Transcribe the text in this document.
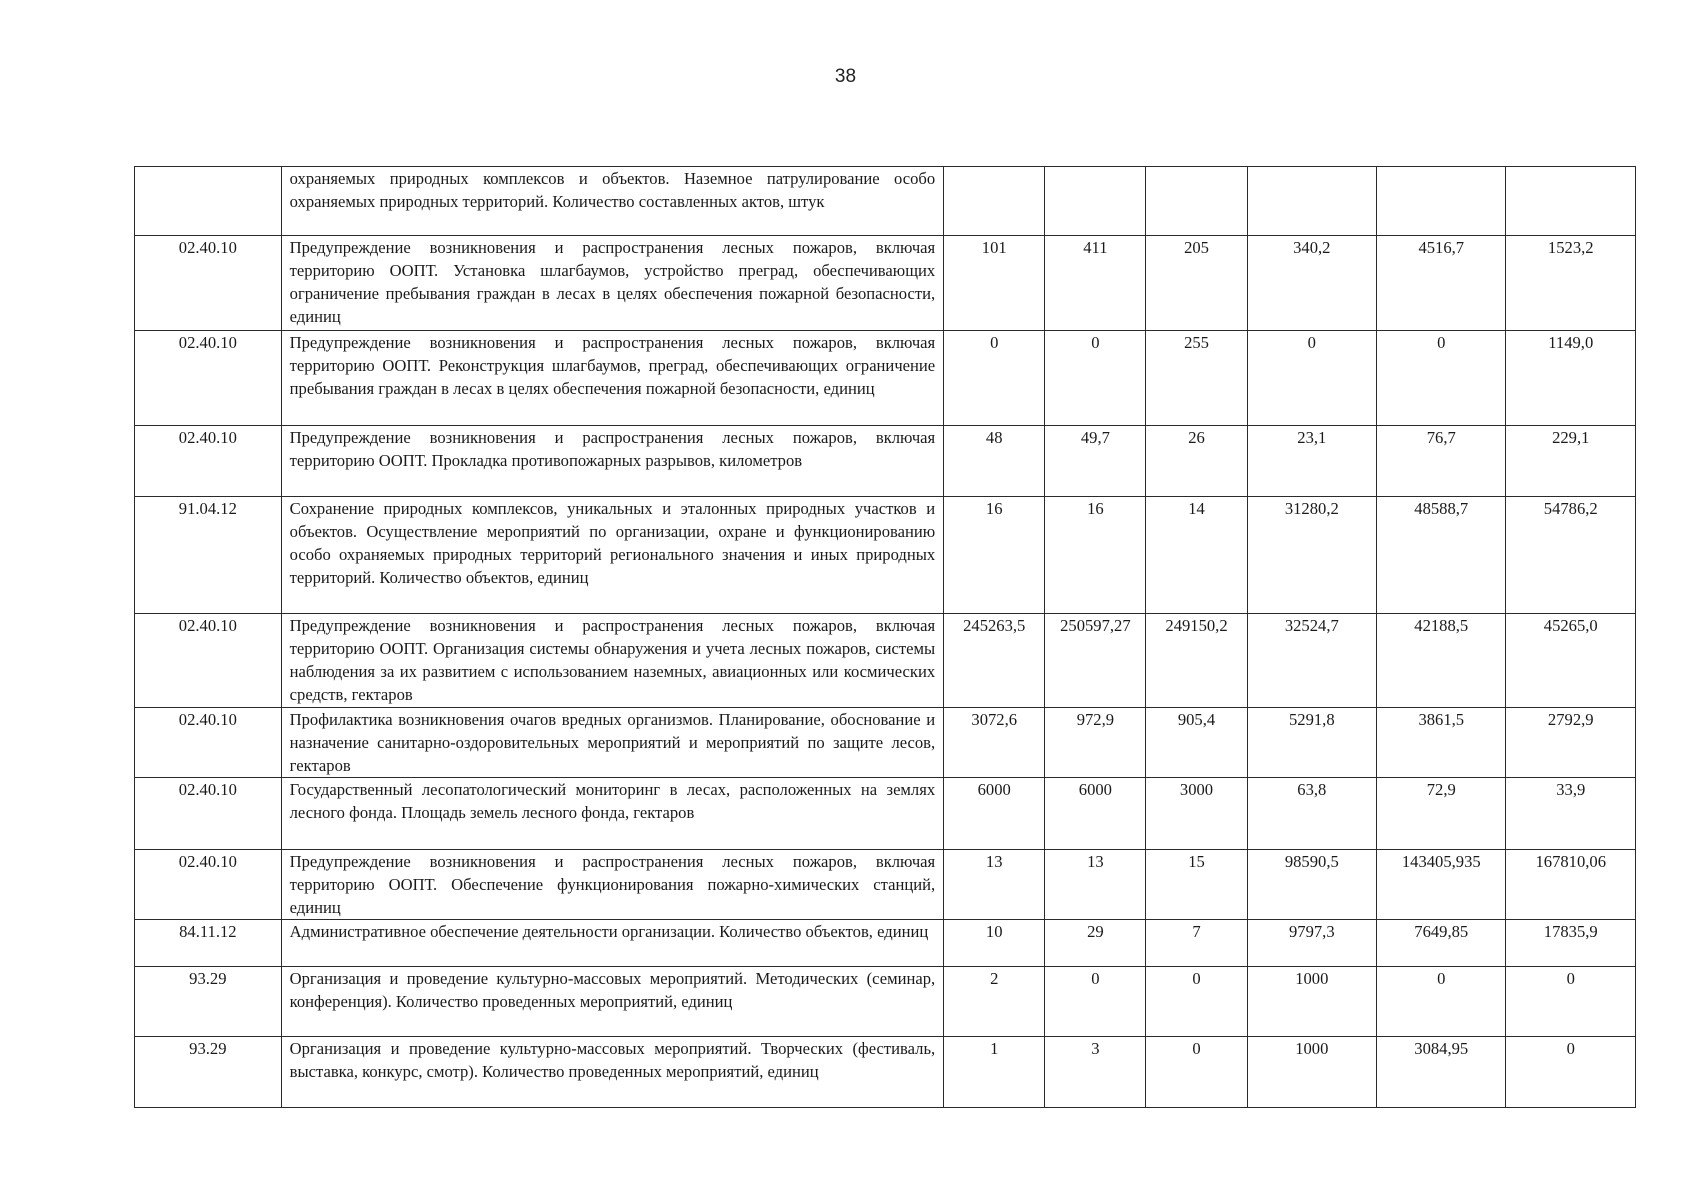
38
	охраняемых природных комплексов и объектов. Наземное патрулирование особо охраняемых природных территорий. Количество составленных актов, штук						
02.40.10	Предупреждение возникновения и распространения лесных пожаров, включая территорию ООПТ. Установка шлагбаумов, устройство преград, обеспечивающих ограничение пребывания граждан в лесах в целях обеспечения пожарной безопасности, единиц	101	411	205	340,2	4516,7	1523,2
02.40.10	Предупреждение возникновения и распространения лесных пожаров, включая территорию ООПТ. Реконструкция шлагбаумов, преград, обеспечивающих ограничение пребывания граждан в лесах в целях обеспечения пожарной безопасности, единиц	0	0	255	0	0	1149,0
02.40.10	Предупреждение возникновения и распространения лесных пожаров, включая территорию ООПТ. Прокладка противопожарных разрывов, километров	48	49,7	26	23,1	76,7	229,1
91.04.12	Сохранение природных комплексов, уникальных и эталонных природных участков и объектов. Осуществление мероприятий по организации, охране и функционированию особо охраняемых природных территорий регионального значения и иных природных территорий. Количество объектов, единиц	16	16	14	31280,2	48588,7	54786,2
02.40.10	Предупреждение возникновения и распространения лесных пожаров, включая территорию ООПТ. Организация системы обнаружения и учета лесных пожаров, системы наблюдения за их развитием с использованием наземных, авиационных или космических средств, гектаров	245263,5	250597,27	249150,2	32524,7	42188,5	45265,0
02.40.10	Профилактика возникновения очагов вредных организмов. Планирование, обоснование и назначение санитарно-оздоровительных мероприятий и мероприятий по защите лесов, гектаров	3072,6	972,9	905,4	5291,8	3861,5	2792,9
02.40.10	Государственный лесопатологический мониторинг в лесах, расположенных на землях лесного фонда. Площадь земель лесного фонда, гектаров	6000	6000	3000	63,8	72,9	33,9
02.40.10	Предупреждение возникновения и распространения лесных пожаров, включая территорию ООПТ. Обеспечение функционирования пожарно-химических станций, единиц	13	13	15	98590,5	143405,935	167810,06
84.11.12	Административное обеспечение деятельности организации. Количество объектов, единиц	10	29	7	9797,3	7649,85	17835,9
93.29	Организация и проведение культурно-массовых мероприятий. Методических (семинар, конференция). Количество проведенных мероприятий, единиц	2	0	0	1000	0	0
93.29	Организация и проведение культурно-массовых мероприятий. Творческих (фестиваль, выставка, конкурс, смотр). Количество проведенных мероприятий, единиц	1	3	0	1000	3084,95	0
